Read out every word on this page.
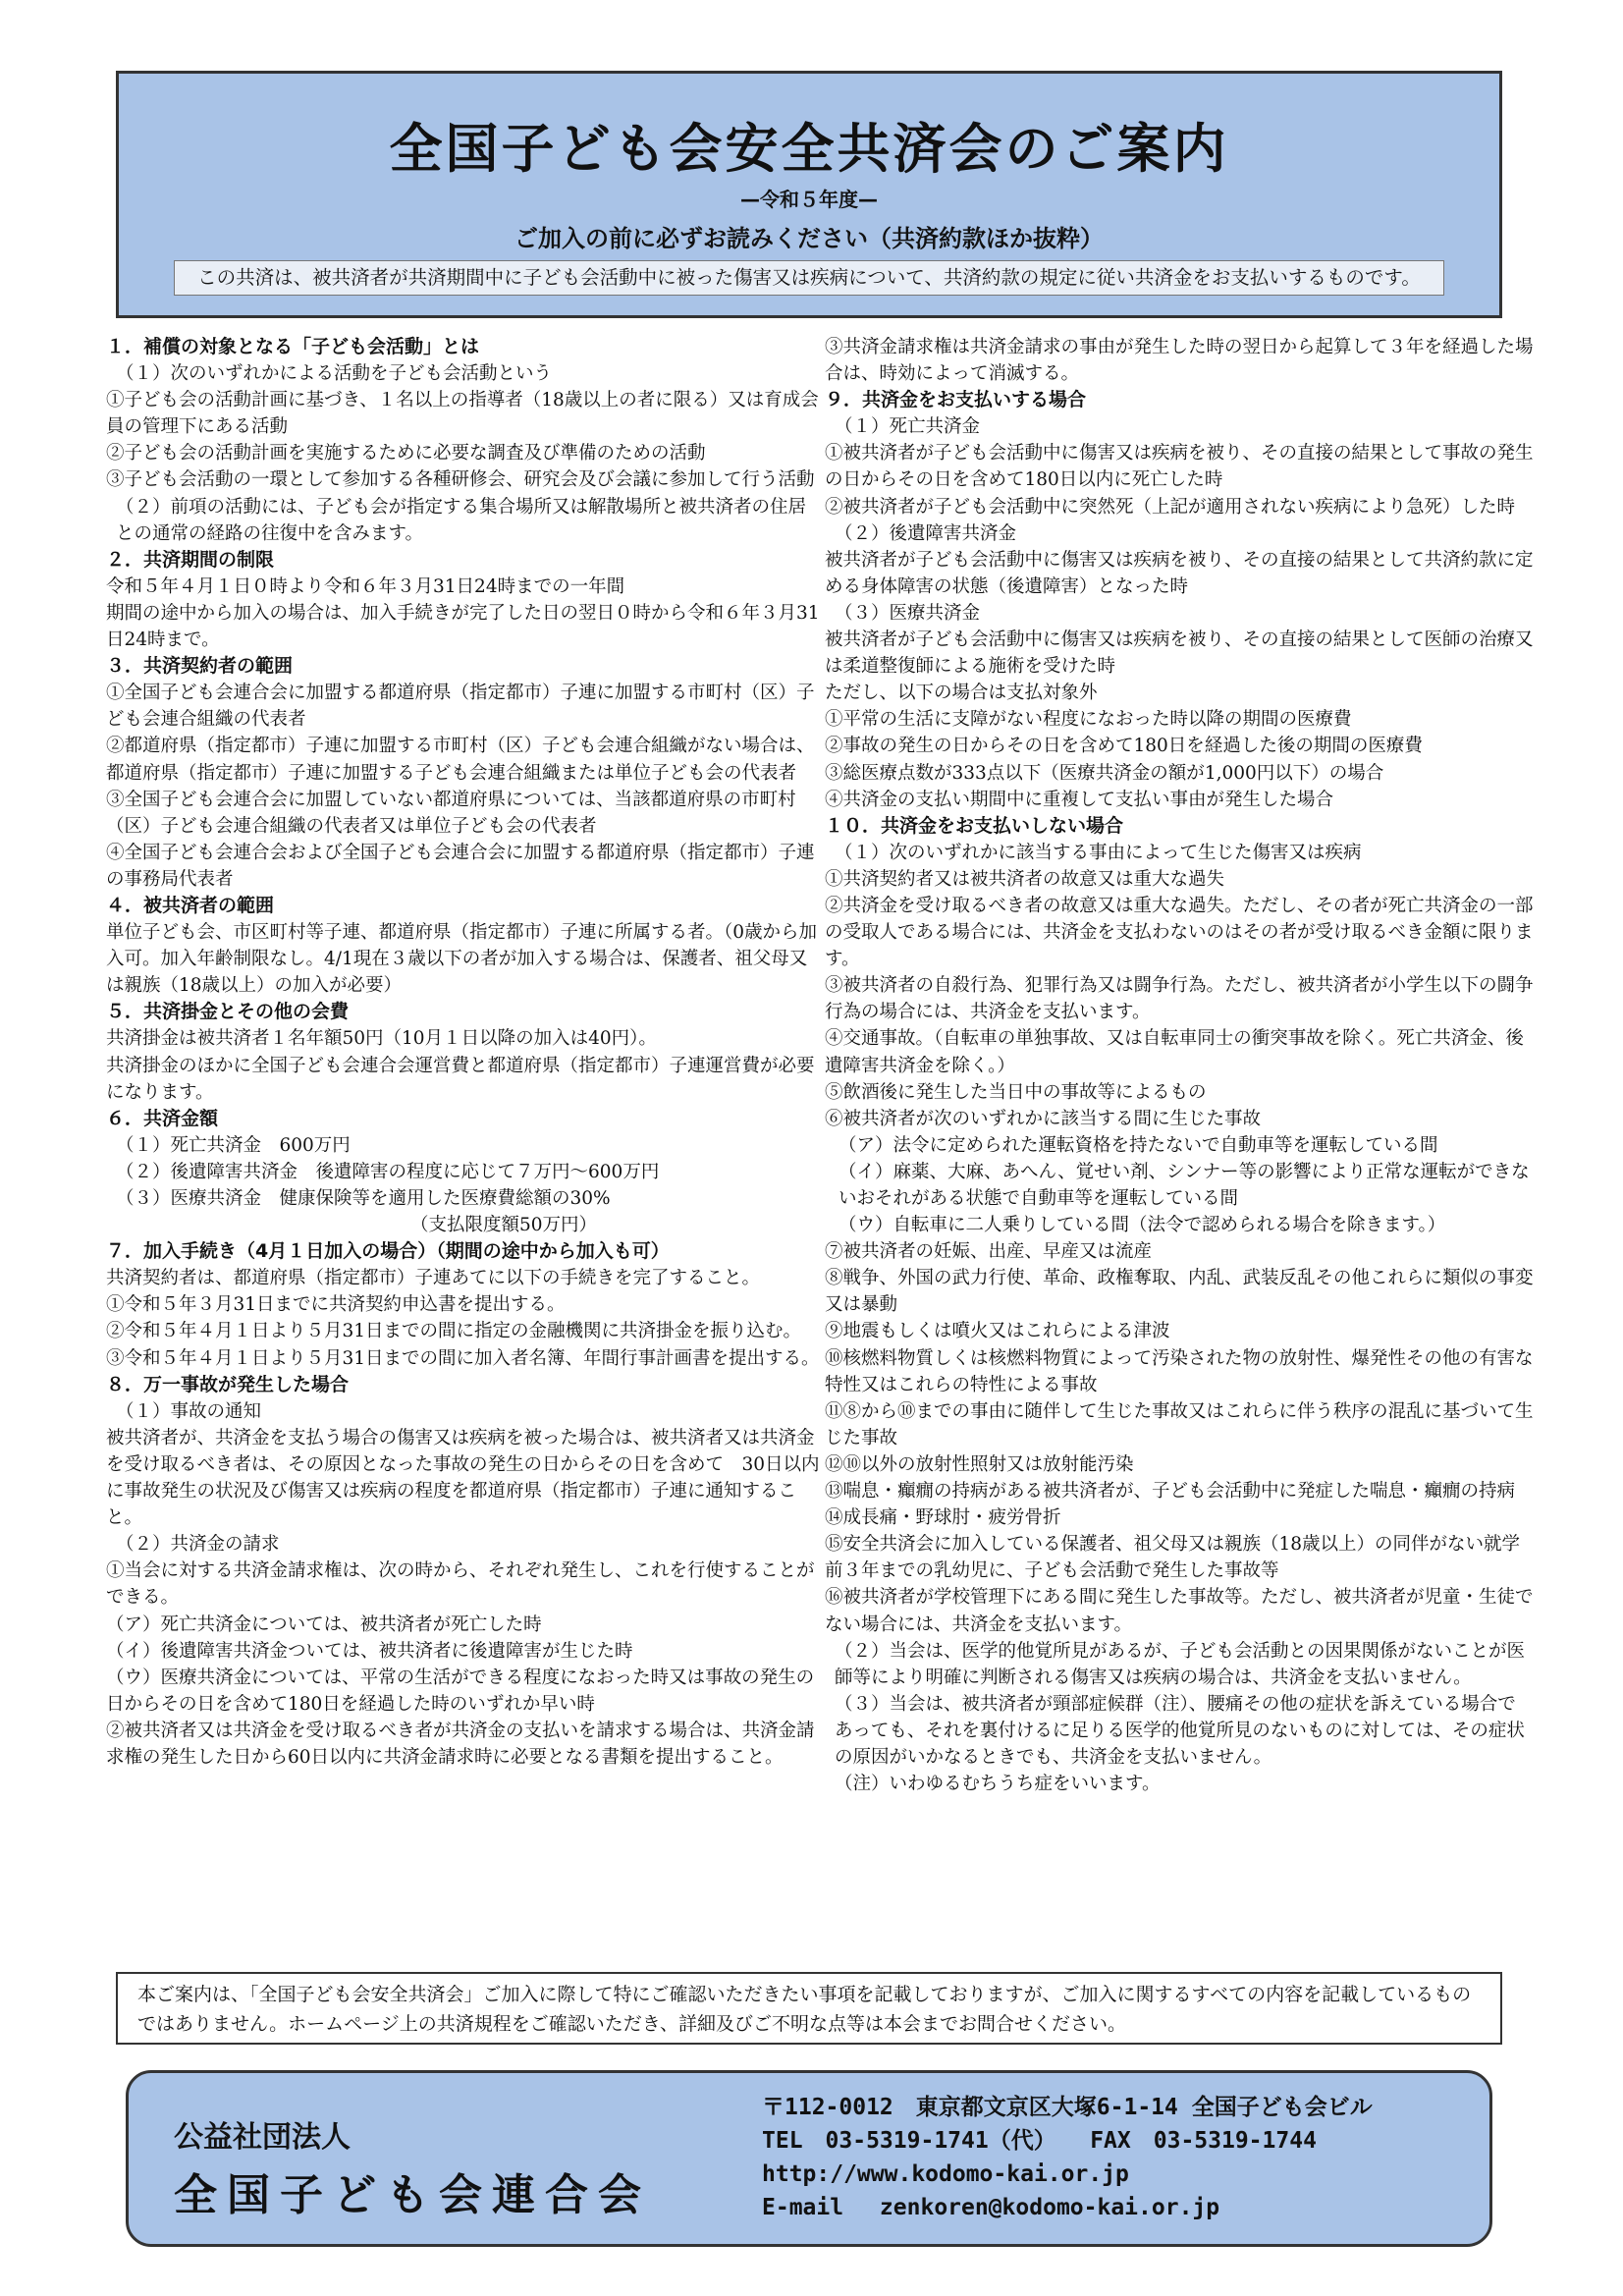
全国子ども会安全共済会のご案内
—令和５年度—
ご加入の前に必ずお読みください（共済約款ほか抜粋）
この共済は、被共済者が共済期間中に子ども会活動中に被った傷害又は疾病について、共済約款の規定に従い共済金をお支払いするものです。

１．補償の対象となる「子ども会活動」とは

（１）次のいずれかによる活動を子ども会活動という

①子ども会の活動計画に基づき、１名以上の指導者（18歳以上の者に限る）又は育成会員の管理下にある活動

②子ども会の活動計画を実施するために必要な調査及び準備のための活動

③子ども会活動の一環として参加する各種研修会、研究会及び会議に参加して行う活動

（２）前項の活動には、子ども会が指定する集合場所又は解散場所と被共済者の住居との通常の経路の往復中を含みます。

２．共済期間の制限

令和５年４月１日０時より令和６年３月31日24時までの一年間

期間の途中から加入の場合は、加入手続きが完了した日の翌日０時から令和６年３月31日24時まで。

３．共済契約者の範囲

①全国子ども会連合会に加盟する都道府県（指定都市）子連に加盟する市町村（区）子ども会連合組織の代表者

②都道府県（指定都市）子連に加盟する市町村（区）子ども会連合組織がない場合は、都道府県（指定都市）子連に加盟する子ども会連合組織または単位子ども会の代表者

③全国子ども会連合会に加盟していない都道府県については、当該都道府県の市町村（区）子ども会連合組織の代表者又は単位子ども会の代表者

④全国子ども会連合会および全国子ども会連合会に加盟する都道府県（指定都市）子連の事務局代表者

４．被共済者の範囲

単位子ども会、市区町村等子連、都道府県（指定都市）子連に所属する者。（0歳から加入可。加入年齢制限なし。4/1現在３歳以下の者が加入する場合は、保護者、祖父母又は親族（18歳以上）の加入が必要）

５．共済掛金とその他の会費

共済掛金は被共済者１名年額50円（10月１日以降の加入は40円）。

共済掛金のほかに全国子ども会連合会運営費と都道府県（指定都市）子連運営費が必要になります。

６．共済金額

（１）死亡共済金　600万円

（２）後遺障害共済金　後遺障害の程度に応じて７万円～600万円

（３）医療共済金　健康保険等を適用した医療費総額の30%

（支払限度額50万円）

７．加入手続き（4月１日加入の場合）（期間の途中から加入も可）

共済契約者は、都道府県（指定都市）子連あてに以下の手続きを完了すること。

①令和５年３月31日までに共済契約申込書を提出する。

②令和５年４月１日より５月31日までの間に指定の金融機関に共済掛金を振り込む。

③令和５年４月１日より５月31日までの間に加入者名簿、年間行事計画書を提出する。

８．万一事故が発生した場合

（１）事故の通知

被共済者が、共済金を支払う場合の傷害又は疾病を被った場合は、被共済者又は共済金を受け取るべき者は、その原因となった事故の発生の日からその日を含めて　30日以内に事故発生の状況及び傷害又は疾病の程度を都道府県（指定都市）子連に通知すること。

（２）共済金の請求

①当会に対する共済金請求権は、次の時から、それぞれ発生し、これを行使することができる。

（ア）死亡共済金については、被共済者が死亡した時

（イ）後遺障害共済金ついては、被共済者に後遺障害が生じた時

（ウ）医療共済金については、平常の生活ができる程度になおった時又は事故の発生の日からその日を含めて180日を経過した時のいずれか早い時

②被共済者又は共済金を受け取るべき者が共済金の支払いを請求する場合は、共済金請求権の発生した日から60日以内に共済金請求時に必要となる書類を提出すること。

③共済金請求権は共済金請求の事由が発生した時の翌日から起算して３年を経過した場合は、時効によって消滅する。

９．共済金をお支払いする場合

（１）死亡共済金

①被共済者が子ども会活動中に傷害又は疾病を被り、その直接の結果として事故の発生の日からその日を含めて180日以内に死亡した時

②被共済者が子ども会活動中に突然死（上記が適用されない疾病により急死）した時

（２）後遺障害共済金

被共済者が子ども会活動中に傷害又は疾病を被り、その直接の結果として共済約款に定める身体障害の状態（後遺障害）となった時

（３）医療共済金

被共済者が子ども会活動中に傷害又は疾病を被り、その直接の結果として医師の治療又は柔道整復師による施術を受けた時

ただし、以下の場合は支払対象外

①平常の生活に支障がない程度になおった時以降の期間の医療費

②事故の発生の日からその日を含めて180日を経過した後の期間の医療費

③総医療点数が333点以下（医療共済金の額が1,000円以下）の場合

④共済金の支払い期間中に重複して支払い事由が発生した場合

１０．共済金をお支払いしない場合

（１）次のいずれかに該当する事由によって生じた傷害又は疾病

①共済契約者又は被共済者の故意又は重大な過失

②共済金を受け取るべき者の故意又は重大な過失。ただし、その者が死亡共済金の一部の受取人である場合には、共済金を支払わないのはその者が受け取るべき金額に限ります。

③被共済者の自殺行為、犯罪行為又は闘争行為。ただし、被共済者が小学生以下の闘争行為の場合には、共済金を支払います。

④交通事故。（自転車の単独事故、又は自転車同士の衝突事故を除く。死亡共済金、後遺障害共済金を除く。）

⑤飲酒後に発生した当日中の事故等によるもの

⑥被共済者が次のいずれかに該当する間に生じた事故

（ア）法令に定められた運転資格を持たないで自動車等を運転している間

（イ）麻薬、大麻、あへん、覚せい剤、シンナー等の影響により正常な運転ができないおそれがある状態で自動車等を運転している間

（ウ）自転車に二人乗りしている間（法令で認められる場合を除きます。）

⑦被共済者の妊娠、出産、早産又は流産

⑧戦争、外国の武力行使、革命、政権奪取、内乱、武装反乱その他これらに類似の事変又は暴動

⑨地震もしくは噴火又はこれらによる津波

⑩核燃料物質しくは核燃料物質によって汚染された物の放射性、爆発性その他の有害な特性又はこれらの特性による事故

⑪⑧から⑩までの事由に随伴して生じた事故又はこれらに伴う秩序の混乱に基づいて生じた事故

⑫⑩以外の放射性照射又は放射能汚染

⑬喘息・癲癇の持病がある被共済者が、子ども会活動中に発症した喘息・癲癇の持病

⑭成長痛・野球肘・疲労骨折

⑮安全共済会に加入している保護者、祖父母又は親族（18歳以上）の同伴がない就学前３年までの乳幼児に、子ども会活動で発生した事故等

⑯被共済者が学校管理下にある間に発生した事故等。ただし、被共済者が児童・生徒でない場合には、共済金を支払います。

（２）当会は、医学的他覚所見があるが、子ども会活動との因果関係がないことが医師等により明確に判断される傷害又は疾病の場合は、共済金を支払いません。

（３）当会は、被共済者が頸部症候群（注）、腰痛その他の症状を訴えている場合であっても、それを裏付けるに足りる医学的他覚所見のないものに対しては、その症状の原因がいかなるときでも、共済金を支払いません。

（注）いわゆるむちうち症をいいます。

本ご案内は、「全国子ども会安全共済会」ご加入に際して特にご確認いただきたい事項を記載しておりますが、ご加入に関するすべての内容を記載しているものではありません。ホームページ上の共済規程をご確認いただき、詳細及びご不明な点等は本会までお問合せください。
公益社団法人
全国子ども会連合会
〒112-0012　東京都文京区大塚6-1-14 全国子ども会ビル
TEL　03-5319-1741（代）　　FAX　03-5319-1744
http://www.kodomo-kai.or.jp
E-mail　 zenkoren@kodomo-kai.or.jp
